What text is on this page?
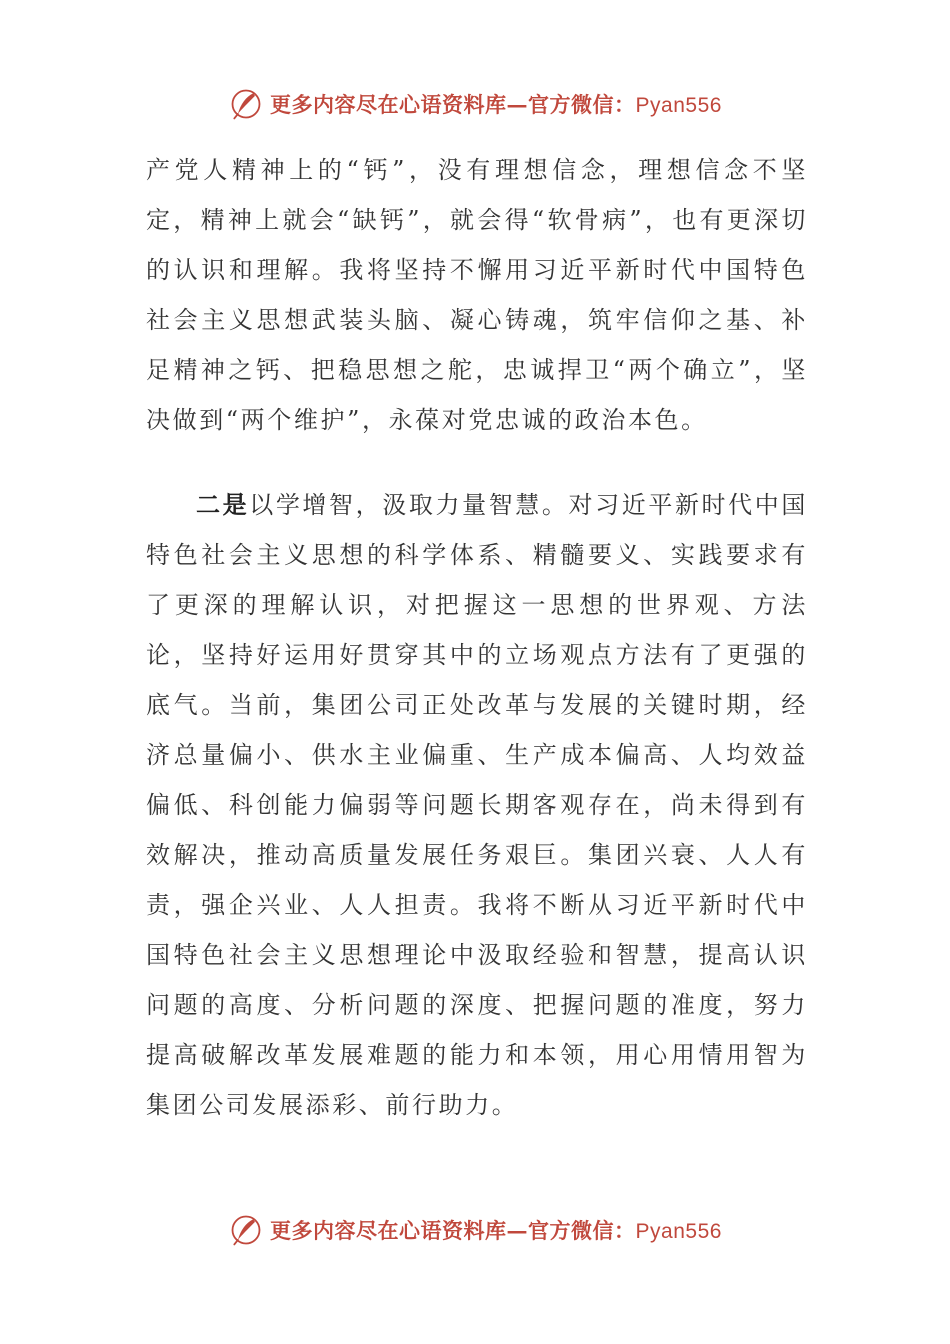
更多内容尽在心语资料库—官方微信：Pyan556

产党人精神上的“钙”，没有理想信念，理想信念不坚定，精神上就会“缺钙”，就会得“软骨病”，也有更深切的认识和理解。我将坚持不懈用习近平新时代中国特色社会主义思想武装头脑、凝心铸魂，筑牢信仰之基、补足精神之钙、把稳思想之舵，忠诚捍卫“两个确立”，坚决做到“两个维护”，永葆对党忠诚的政治本色。

二是以学增智，汲取力量智慧。对习近平新时代中国特色社会主义思想的科学体系、精髓要义、实践要求有了更深的理解认识，对把握这一思想的世界观、方法论，坚持好运用好贯穿其中的立场观点方法有了更强的底气。当前，集团公司正处改革与发展的关键时期，经济总量偏小、供水主业偏重、生产成本偏高、人均效益偏低、科创能力偏弱等问题长期客观存在，尚未得到有效解决，推动高质量发展任务艰巨。集团兴衰、人人有责，强企兴业、人人担责。我将不断从习近平新时代中国特色社会主义思想理论中汲取经验和智慧，提高认识问题的高度、分析问题的深度、把握问题的准度，努力提高破解改革发展难题的能力和本领，用心用情用智为集团公司发展添彩、前行助力。

更多内容尽在心语资料库—官方微信：Pyan556
